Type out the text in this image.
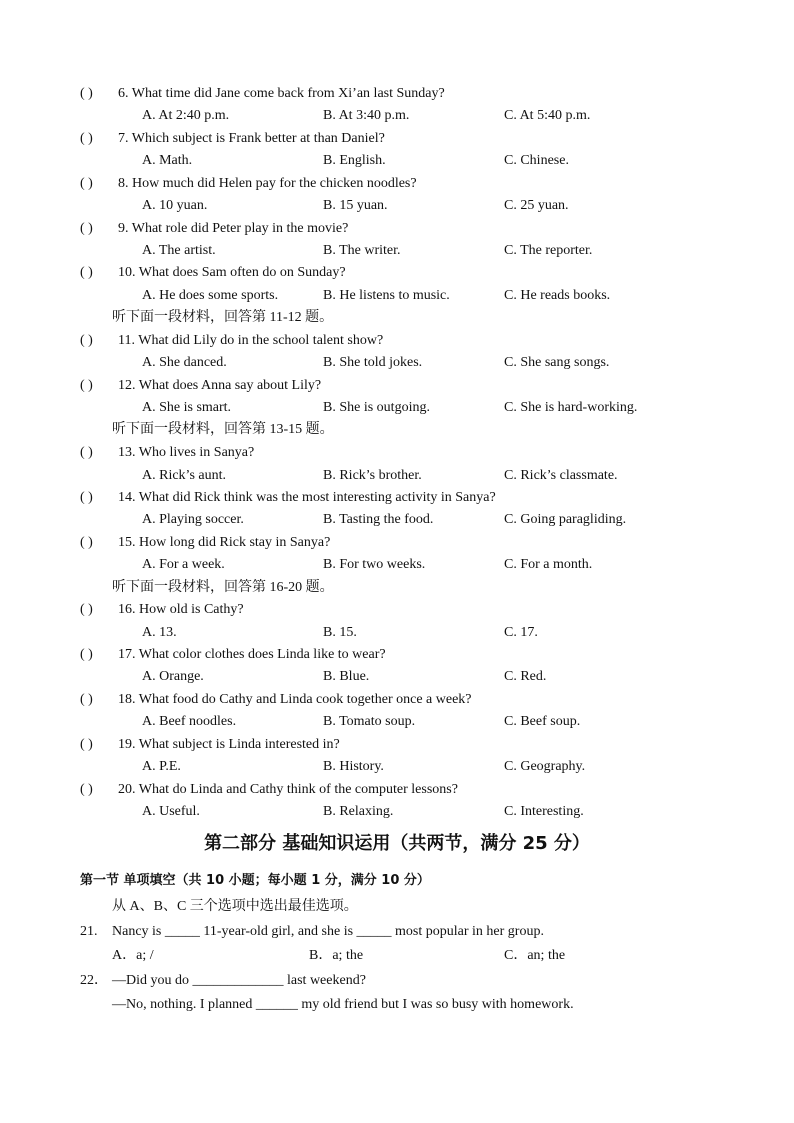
( ) 6. What time did Jane come back from Xi’an last Sunday?
A. At 2:40 p.m.	B. At 3:40 p.m.	C. At 5:40 p.m.
( ) 7. Which subject is Frank better at than Daniel?
A. Math.	B. English.	C. Chinese.
( ) 8. How much did Helen pay for the chicken noodles?
A. 10 yuan.	B. 15 yuan.	C. 25 yuan.
( ) 9. What role did Peter play in the movie?
A. The artist.	B. The writer.	C. The reporter.
( ) 10. What does Sam often do on Sunday?
A. He does some sports.	B. He listens to music.	C. He reads books.
听下面一段材料，回答第 11-12 题。
( ) 11. What did Lily do in the school talent show?
A. She danced.	B. She told jokes.	C. She sang songs.
( ) 12. What does Anna say about Lily?
A. She is smart.	B. She is outgoing.	C. She is hard-working.
听下面一段材料，回答第 13-15 题。
( ) 13. Who lives in Sanya?
A. Rick’s aunt.	B. Rick’s brother.	C. Rick’s classmate.
( ) 14. What did Rick think was the most interesting activity in Sanya?
A. Playing soccer.	B. Tasting the food.	C. Going paragliding.
( ) 15. How long did Rick stay in Sanya?
A. For a week.	B. For two weeks.	C. For a month.
听下面一段材料，回答第 16-20 题。
( ) 16. How old is Cathy?
A. 13.	B. 15.	C. 17.
( ) 17. What color clothes does Linda like to wear?
A. Orange.	B. Blue.	C. Red.
( ) 18. What food do Cathy and Linda cook together once a week?
A. Beef noodles.	B. Tomato soup.	C. Beef soup.
( ) 19. What subject is Linda interested in?
A. P.E.	B. History.	C. Geography.
( ) 20. What do Linda and Cathy think of the computer lessons?
A. Useful.	B. Relaxing.	C. Interesting.
第二部分 基础知识运用（共两节，满分 25 分）
第一节 单项填空（共 10 小题；每小题 1 分，满分 10 分）
从 A、B、C 三个选项中选出最佳选项。
21. Nancy is _____ 11-year-old girl, and she is _____ most popular in her group.
A．a; /	B．a; the	C．an; the
22． —Did you do _____________ last weekend?
—No, nothing. I planned ______ my old friend but I was so busy with homework.
